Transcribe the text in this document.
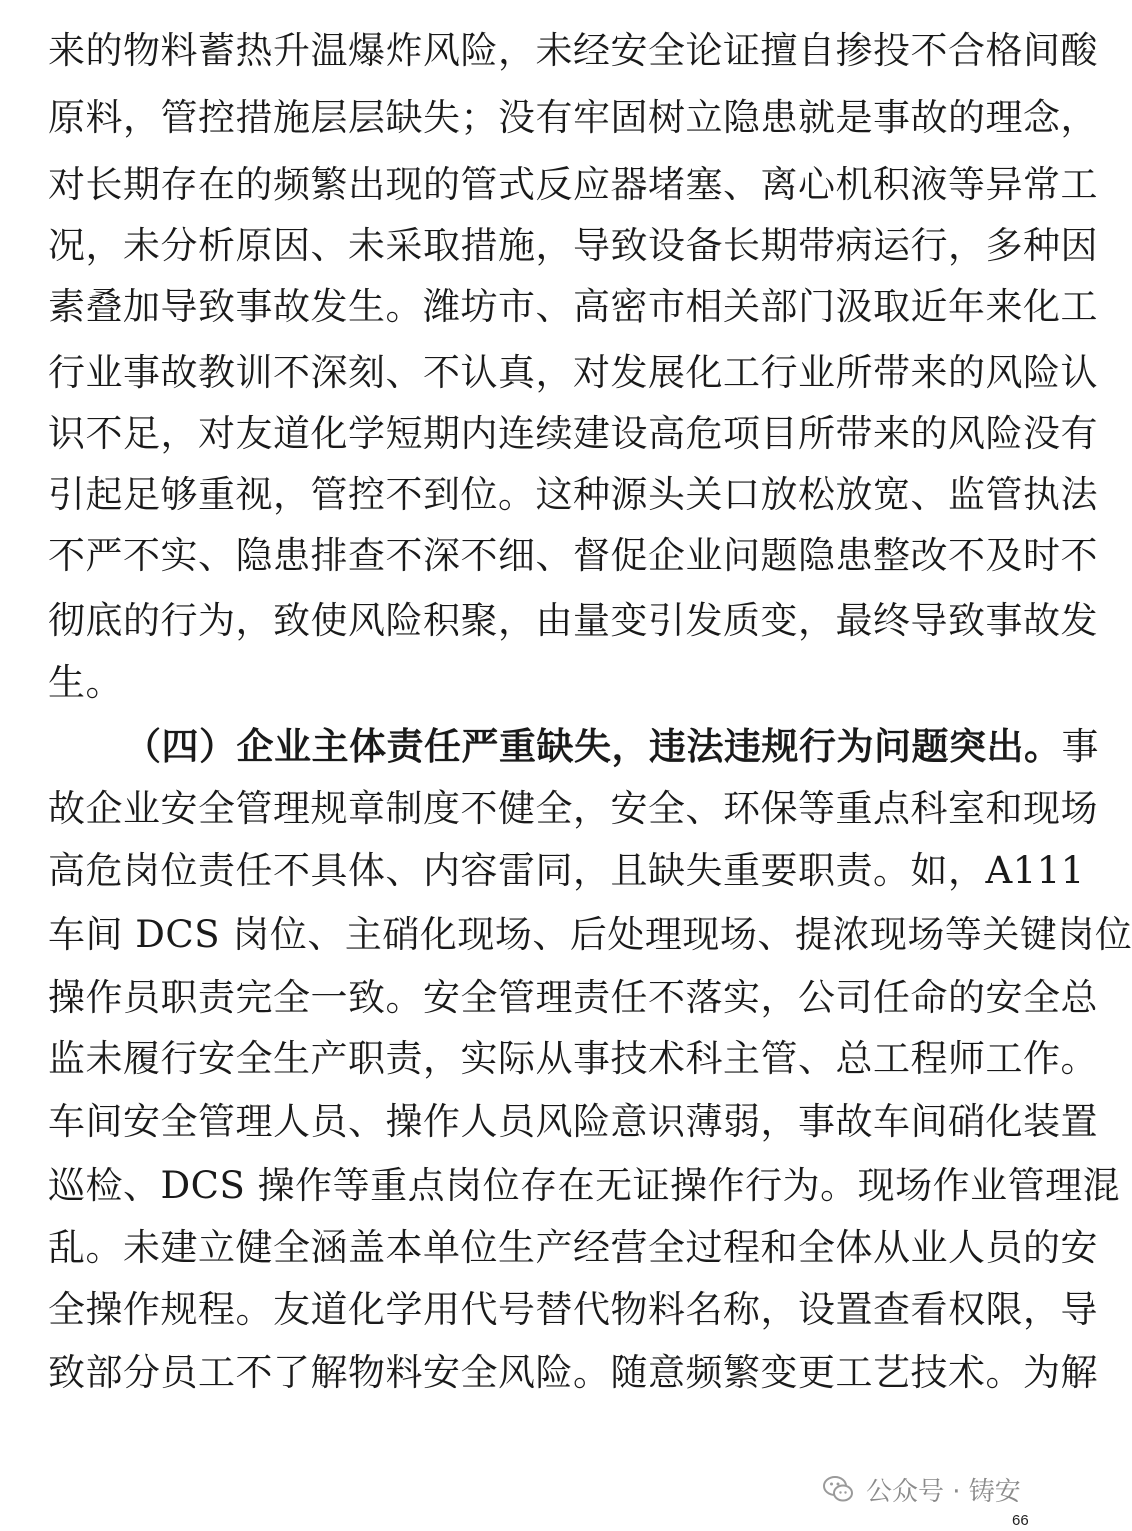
来的物料蓄热升温爆炸风险，未经安全论证擅自掺投不合格间酸
原料，管控措施层层缺失；没有牢固树立隐患就是事故的理念，
对长期存在的频繁出现的管式反应器堵塞、离心机积液等异常工
况，未分析原因、未采取措施，导致设备长期带病运行，多种因
素叠加导致事故发生。潍坊市、高密市相关部门汲取近年来化工
行业事故教训不深刻、不认真，对发展化工行业所带来的风险认
识不足，对友道化学短期内连续建设高危项目所带来的风险没有
引起足够重视，管控不到位。这种源头关口放松放宽、监管执法
不严不实、隐患排查不深不细、督促企业问题隐患整改不及时不
彻底的行为，致使风险积聚，由量变引发质变，最终导致事故发
生。
（四）企业主体责任严重缺失，违法违规行为问题突出。事
故企业安全管理规章制度不健全，安全、环保等重点科室和现场
高危岗位责任不具体、内容雷同，且缺失重要职责。如，A111
车间 DCS 岗位、主硝化现场、后处理现场、提浓现场等关键岗位
操作员职责完全一致。安全管理责任不落实，公司任命的安全总
监未履行安全生产职责，实际从事技术科主管、总工程师工作。
车间安全管理人员、操作人员风险意识薄弱，事故车间硝化装置
巡检、DCS 操作等重点岗位存在无证操作行为。现场作业管理混
乱。未建立健全涵盖本单位生产经营全过程和全体从业人员的安
全操作规程。友道化学用代号替代物料名称，设置查看权限，导
致部分员工不了解物料安全风险。随意频繁变更工艺技术。为解
公众号 · 铸安
66
